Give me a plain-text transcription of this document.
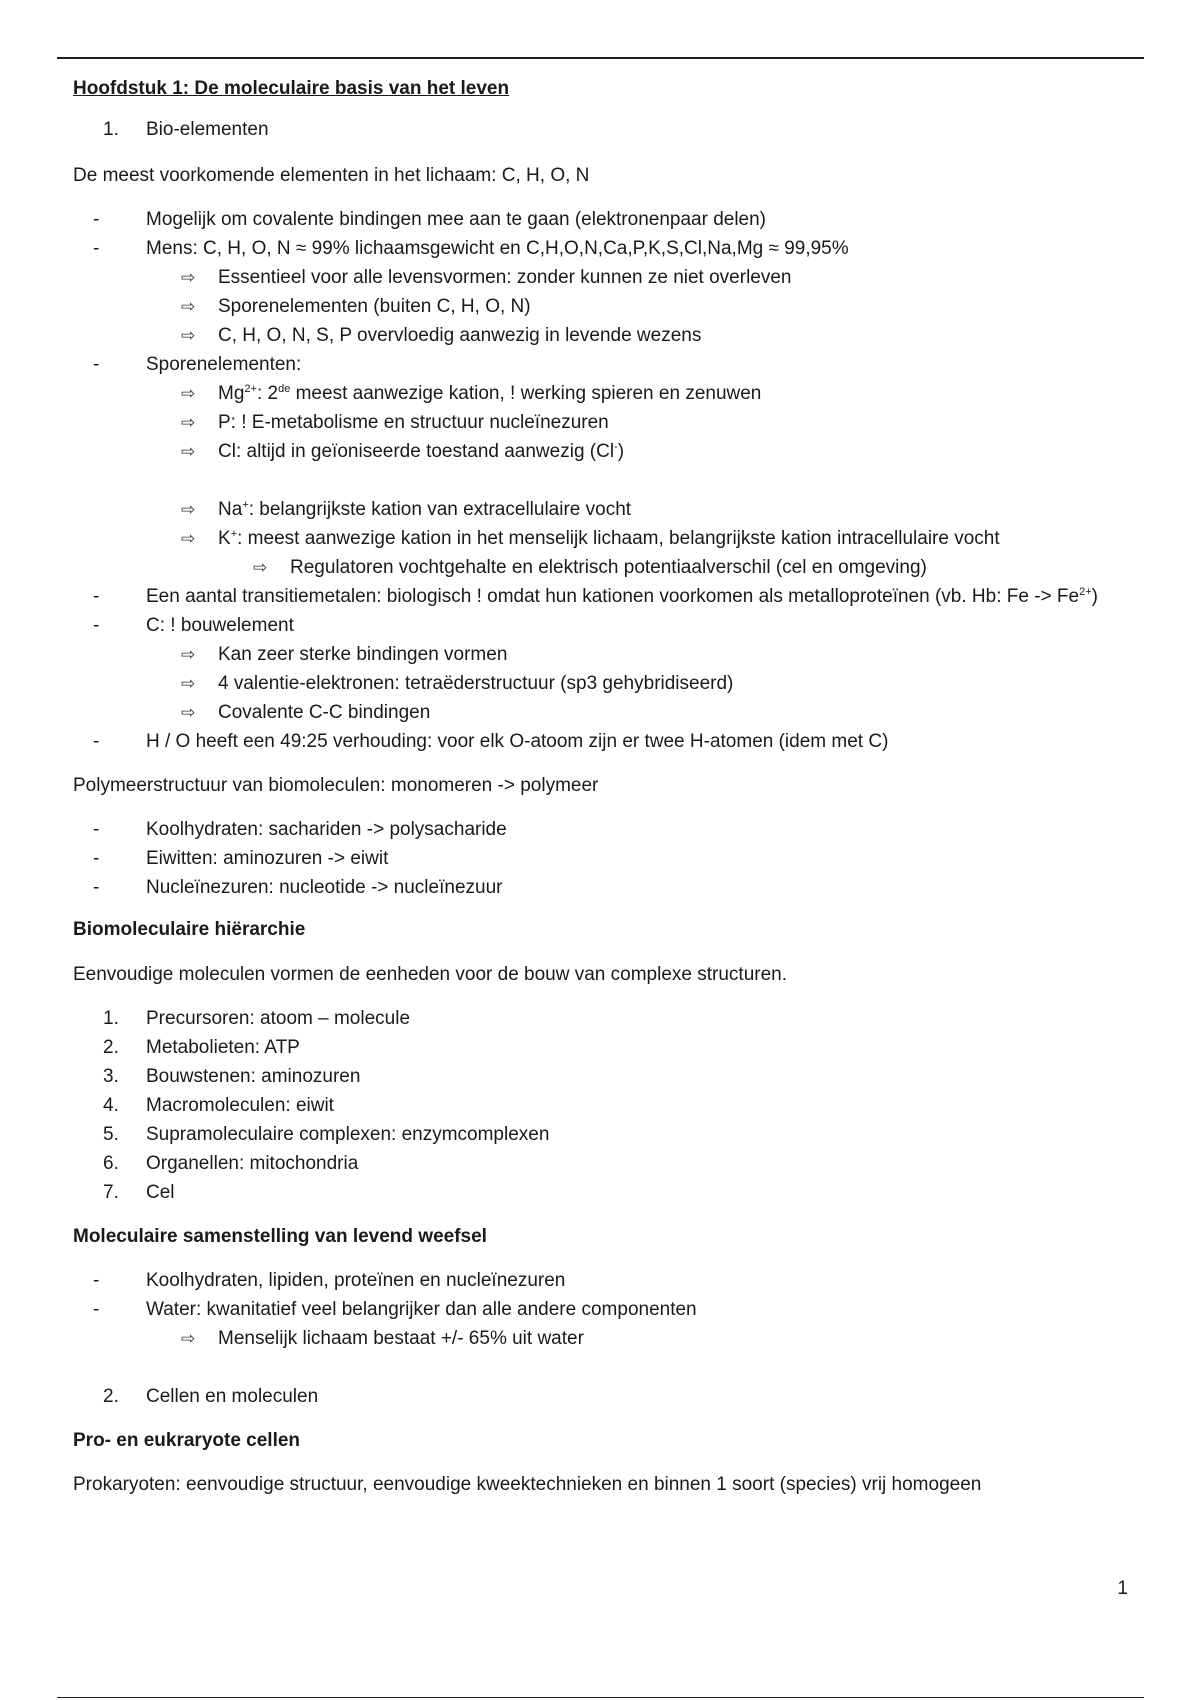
Hoofdstuk 1: De moleculaire basis van het leven
1.	Bio-elementen
De meest voorkomende elementen in het lichaam: C, H, O, N
-	Mogelijk om covalente bindingen mee aan te gaan (elektronenpaar delen)
-	Mens: C, H, O, N ≈ 99% lichaamsgewicht en C,H,O,N,Ca,P,K,S,Cl,Na,Mg ≈ 99,95%
⇨	Essentieel voor alle levensvormen: zonder kunnen ze niet overleven
⇨	Sporenelementen (buiten C, H, O, N)
⇨	C, H, O, N, S, P overvloedig aanwezig in levende wezens
-	Sporenelementen:
⇨	$Mg^{2+}$: 2de meest aanwezige kation, ! werking spieren en zenuwen
⇨	P: ! E-metabolisme en structuur nucleïnezuren
⇨	Cl: altijd in geïoniseerde toestand aanwezig (Cl-)
⇨	Na+: belangrijkste kation van extracellulaire vocht
⇨	K+: meest aanwezige kation in het menselijk lichaam, belangrijkste kation intracellulaire vocht
⇨	Regulatoren vochtgehalte en elektrisch potentiaalverschil (cel en omgeving)
-	Een aantal transitiemetalen: biologisch ! omdat hun kationen voorkomen als metalloproteïnen (vb. Hb: $Fe -> Fe^{2+}$)
-	C: ! bouwelement
⇨	Kan zeer sterke bindingen vormen
⇨	4 valentie-elektronen: tetraëderstructuur (sp3 gehybridiseerd)
⇨	Covalente C-C bindingen
-	H / O heeft een 49:25 verhouding: voor elk O-atoom zijn er twee H-atomen (idem met C)
Polymeerstructuur van biomoleculen: monomeren -> polymeer
-	Koolhydraten: sachariden -> polysacharide
-	Eiwitten: aminozuren -> eiwit
-	Nucleïnezuren: nucleotide -> nucleïnezuur
Biomoleculaire hiërarchie
Eenvoudige moleculen vormen de eenheden voor de bouw van complexe structuren.
1.	Precursoren: atoom – molecule
2.	Metabolieten: ATP
3.	Bouwstenen: aminozuren
4.	Macromoleculen: eiwit
5.	Supramoleculaire complexen: enzymcomplexen
6.	Organellen: mitochondria
7.	Cel
Moleculaire samenstelling van levend weefsel
-	Koolhydraten, lipiden, proteïnen en nucleïnezuren
-	Water: kwanitatief veel belangrijker dan alle andere componenten
⇨	Menselijk lichaam bestaat +/- 65% uit water
2.	Cellen en moleculen
Pro- en eukraryote cellen
Prokaryoten: eenvoudige structuur, eenvoudige kweektechnieken en binnen 1 soort (species) vrij homogeen
1
